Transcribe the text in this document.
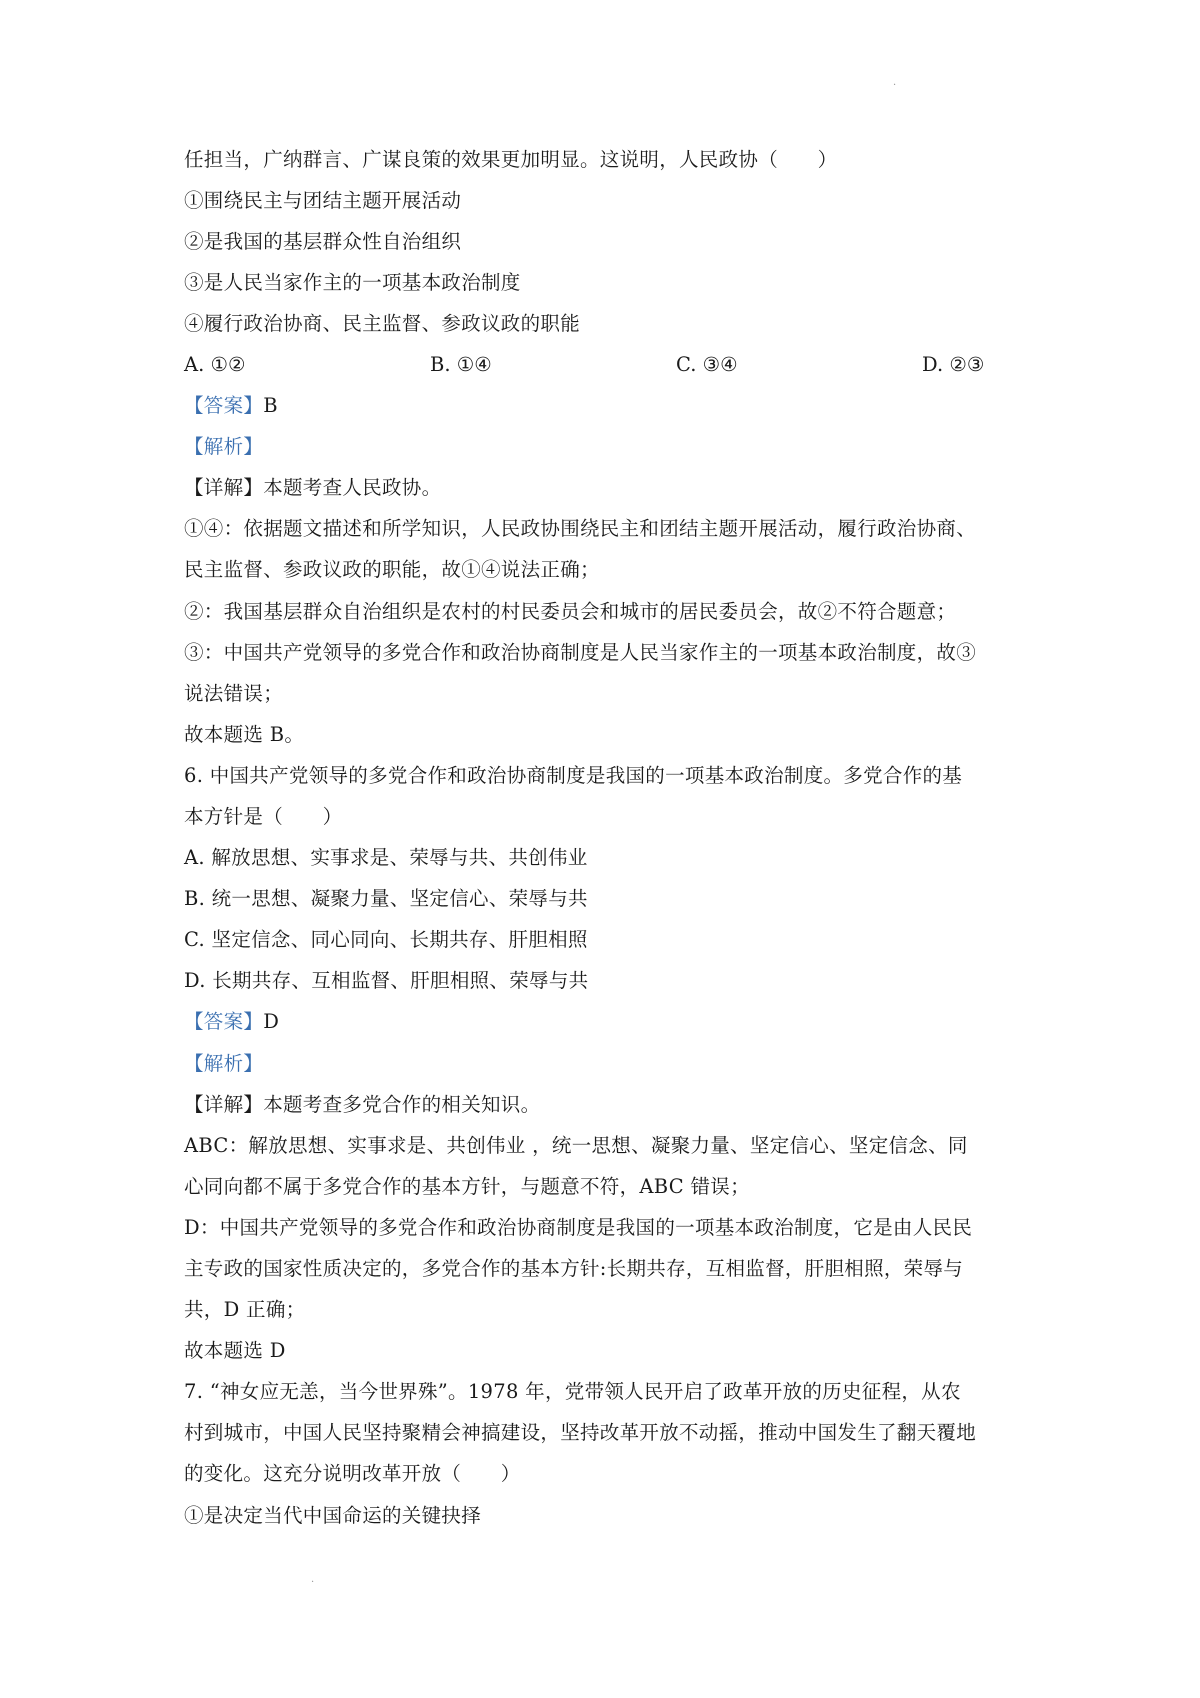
·
任担当，广纳群言、广谋良策的效果更加明显。这说明，人民政协（　　）
①围绕民主与团结主题开展活动
②是我国的基层群众性自治组织
③是人民当家作主的一项基本政治制度
④履行政治协商、民主监督、参政议政的职能
A. ①②	B. ①④	C. ③④	D. ②③
【答案】B
【解析】
【详解】本题考查人民政协。
①④：依据题文描述和所学知识，人民政协围绕民主和团结主题开展活动，履行政治协商、
民主监督、参政议政的职能，故①④说法正确；
②：我国基层群众自治组织是农村的村民委员会和城市的居民委员会，故②不符合题意；
③：中国共产党领导的多党合作和政治协商制度是人民当家作主的一项基本政治制度，故③
说法错误；
故本题选 B。
6. 中国共产党领导的多党合作和政治协商制度是我国的一项基本政治制度。多党合作的基
本方针是（　　）
A. 解放思想、实事求是、荣辱与共、共创伟业
B. 统一思想、凝聚力量、坚定信心、荣辱与共
C. 坚定信念、同心同向、长期共存、肝胆相照
D. 长期共存、互相监督、肝胆相照、荣辱与共
【答案】D
【解析】
【详解】本题考查多党合作的相关知识。
ABC：解放思想、实事求是、共创伟业 ，统一思想、凝聚力量、坚定信心、坚定信念、同
心同向都不属于多党合作的基本方针，与题意不符，ABC 错误；
D：中国共产党领导的多党合作和政治协商制度是我国的一项基本政治制度，它是由人民民
主专政的国家性质决定的，多党合作的基本方针:长期共存，互相监督，肝胆相照，荣辱与
共，D 正确；
故本题选 D
7. “神女应无恙，当今世界殊”。1978 年，党带领人民开启了政革开放的历史征程，从农
村到城市，中国人民坚持聚精会神搞建设，坚持改革开放不动摇，推动中国发生了翻天覆地
的变化。这充分说明改革开放（　　）
①是决定当代中国命运的关键抉择
·
